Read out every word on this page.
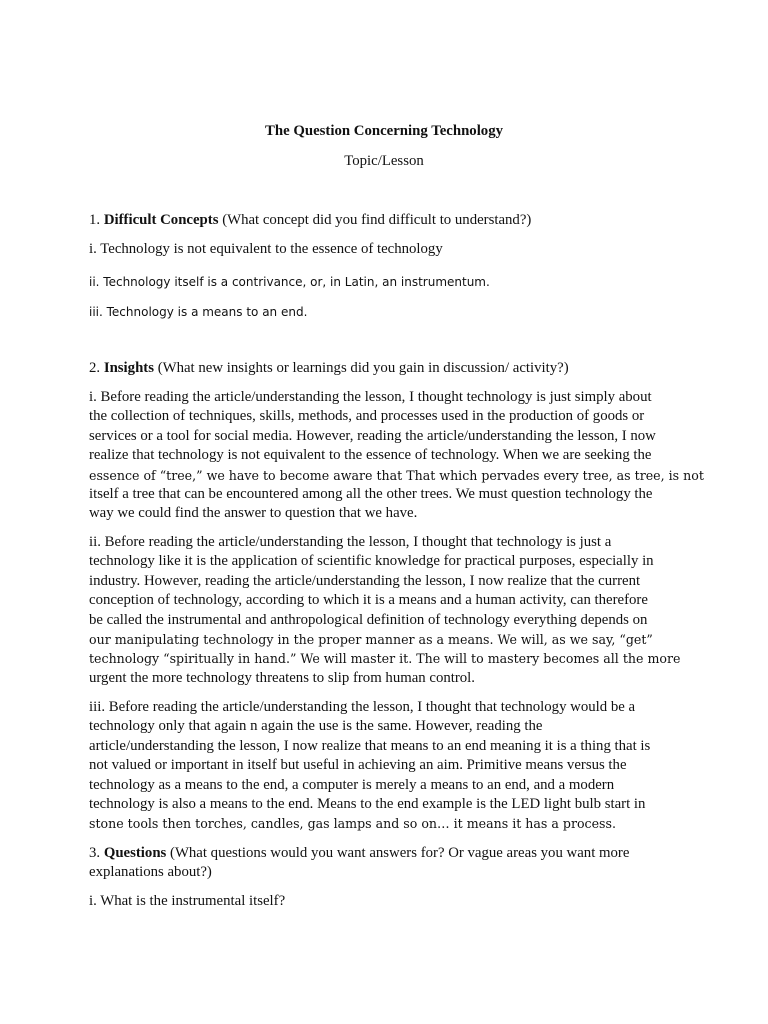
The Question Concerning Technology

Topic/Lesson

1. Difficult Concepts (What concept did you find difficult to understand?)

i. Technology is not equivalent to the essence of technology

ii. Technology itself is a contrivance, or, in Latin, an instrumentum.

iii. Technology is a means to an end.

2. Insights (What new insights or learnings did you gain in discussion/ activity?)

i. Before reading the article/understanding the lesson, I thought technology is just simply about
the collection of techniques, skills, methods, and processes used in the production of goods or
services or a tool for social media. However, reading the article/understanding the lesson, I now
realize that technology is not equivalent to the essence of technology. When we are seeking the
essence of “tree,” we have to become aware that That which pervades every tree, as tree, is not
itself a tree that can be encountered among all the other trees. We must question technology the
way we could find the answer to question that we have.
ii. Before reading the article/understanding the lesson, I thought that technology is just a
technology like it is the application of scientific knowledge for practical purposes, especially in
industry. However, reading the article/understanding the lesson, I now realize that the current
conception of technology, according to which it is a means and a human activity, can therefore
be called the instrumental and anthropological definition of technology everything depends on
our manipulating technology in the proper manner as a means. We will, as we say, “get”
technology “spiritually in hand.” We will master it. The will to mastery becomes all the more
urgent the more technology threatens to slip from human control.
iii. Before reading the article/understanding the lesson, I thought that technology would be a
technology only that again n again the use is the same. However, reading the
article/understanding the lesson, I now realize that means to an end meaning it is a thing that is
not valued or important in itself but useful in achieving an aim. Primitive means versus the
technology as a means to the end, a computer is merely a means to an end, and a modern
technology is also a means to the end. Means to the end example is the LED light bulb start in
stone tools then torches, candles, gas lamps and so on… it means it has a process.

3. Questions (What questions would you want answers for? Or vague areas you want more

explanations about?)

i. What is the instrumental itself?
